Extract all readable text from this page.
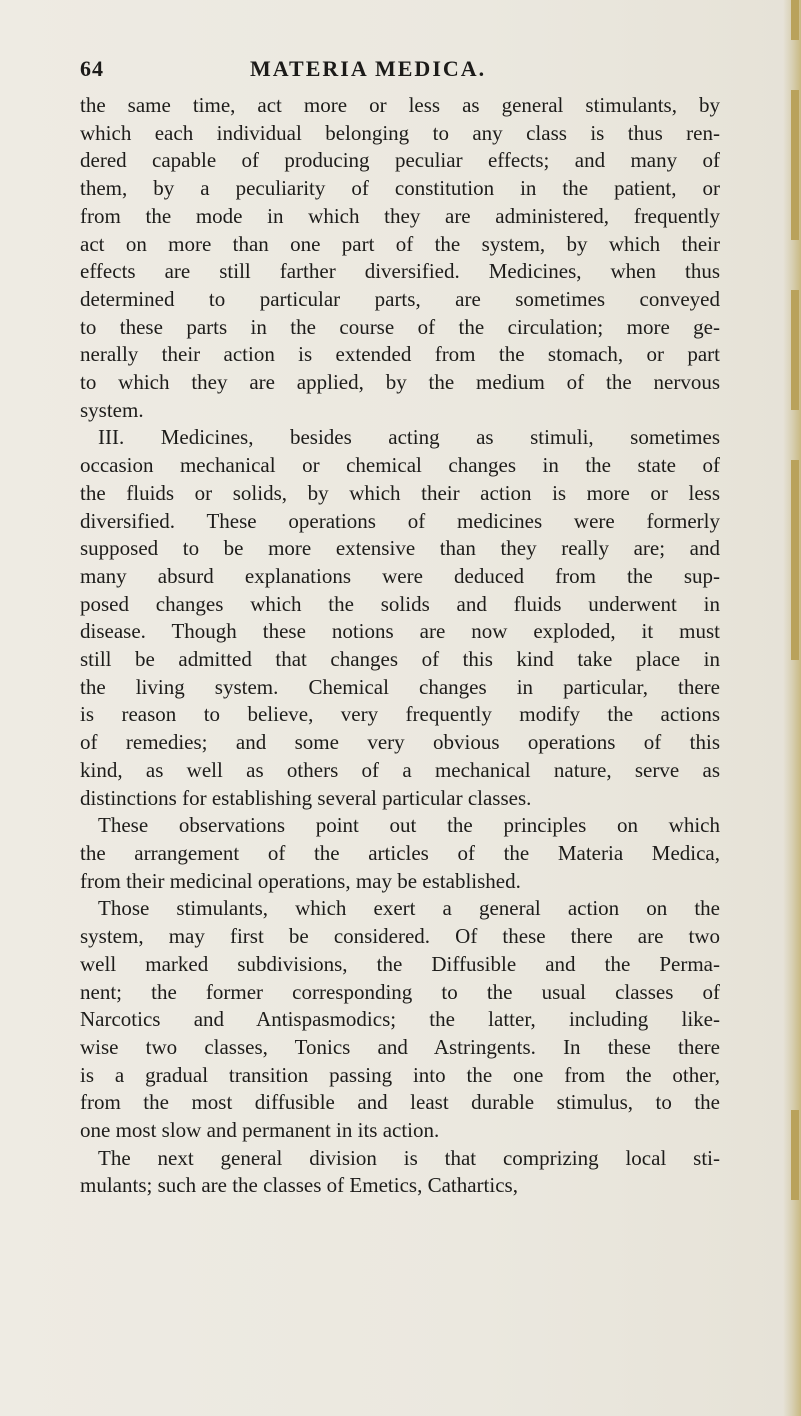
64	MATERIA MEDICA.
the same time, act more or less as general stimulants, by
which each individual belonging to any class is thus ren-
dered capable of producing peculiar effects; and many of
them, by a peculiarity of constitution in the patient, or
from the mode in which they are administered, frequently
act on more than one part of the system, by which their
effects are still farther diversified. Medicines, when thus
determined to particular parts, are sometimes conveyed
to these parts in the course of the circulation; more ge-
nerally their action is extended from the stomach, or part
to which they are applied, by the medium of the nervous
system.
III. Medicines, besides acting as stimuli, sometimes
occasion mechanical or chemical changes in the state of
the fluids or solids, by which their action is more or less
diversified. These operations of medicines were formerly
supposed to be more extensive than they really are; and
many absurd explanations were deduced from the sup-
posed changes which the solids and fluids underwent in
disease. Though these notions are now exploded, it must
still be admitted that changes of this kind take place in
the living system. Chemical changes in particular, there
is reason to believe, very frequently modify the actions
of remedies; and some very obvious operations of this
kind, as well as others of a mechanical nature, serve as
distinctions for establishing several particular classes.
These observations point out the principles on which
the arrangement of the articles of the Materia Medica,
from their medicinal operations, may be established.
Those stimulants, which exert a general action on the
system, may first be considered. Of these there are two
well marked subdivisions, the Diffusible and the Perma-
nent; the former corresponding to the usual classes of
Narcotics and Antispasmodics; the latter, including like-
wise two classes, Tonics and Astringents. In these there
is a gradual transition passing into the one from the other,
from the most diffusible and least durable stimulus, to the
one most slow and permanent in its action.
The next general division is that comprizing local sti-
mulants; such are the classes of Emetics, Cathartics,
